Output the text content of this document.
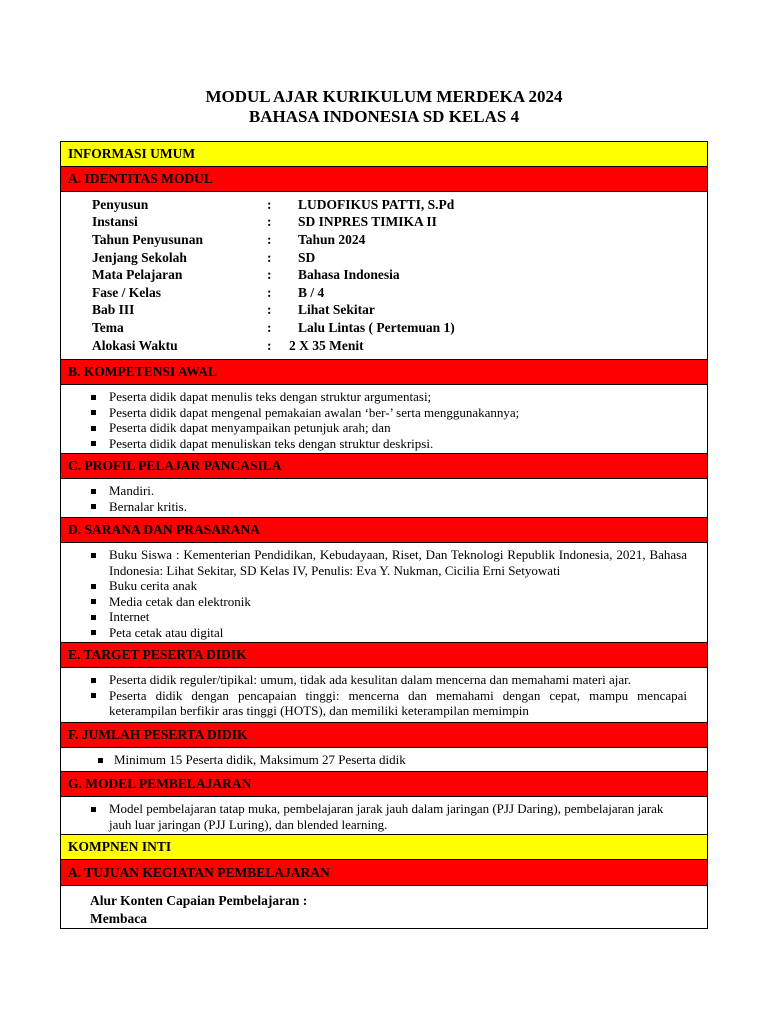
MODUL AJAR KURIKULUM MERDEKA 2024
BAHASA INDONESIA SD KELAS 4
INFORMASI UMUM
A. IDENTITAS MODUL
Penyusun	:	LUDOFIKUS PATTI, S.Pd
Instansi	:	SD INPRES TIMIKA II
Tahun Penyusunan	:	Tahun 2024
Jenjang Sekolah	:	SD
Mata Pelajaran	:	Bahasa Indonesia
Fase / Kelas	:	B / 4
Bab III	:	Lihat Sekitar
Tema	:	Lalu Lintas ( Pertemuan 1)
Alokasi Waktu	:	2 X 35 Menit
B. KOMPETENSI AWAL
Peserta didik dapat menulis teks dengan struktur argumentasi;
Peserta didik dapat mengenal pemakaian awalan ‘ber-’ serta menggunakannya;
Peserta didik dapat menyampaikan petunjuk arah; dan
Peserta didik dapat menuliskan teks dengan struktur deskripsi.
C. PROFIL PELAJAR PANCASILA
Mandiri.
Bernalar kritis.
D. SARANA DAN PRASARANA
Buku Siswa : Kementerian Pendidikan, Kebudayaan, Riset, Dan Teknologi Republik Indonesia, 2021, Bahasa Indonesia: Lihat Sekitar, SD Kelas IV, Penulis: Eva Y. Nukman, Cicilia Erni Setyowati
Buku cerita anak
Media cetak dan elektronik
Internet
Peta cetak atau digital
E. TARGET PESERTA DIDIK
Peserta didik reguler/tipikal: umum, tidak ada kesulitan dalam mencerna dan memahami materi ajar.
Peserta didik dengan pencapaian tinggi: mencerna dan memahami dengan cepat, mampu mencapai keterampilan berfikir aras tinggi (HOTS), dan memiliki keterampilan memimpin
F. JUMLAH PESERTA DIDIK
Minimum 15 Peserta didik, Maksimum 27 Peserta didik
G. MODEL PEMBELAJARAN
Model pembelajaran tatap muka, pembelajaran jarak jauh dalam jaringan (PJJ Daring), pembelajaran jarak jauh luar jaringan (PJJ Luring), dan blended learning.
KOMPNEN INTI
A. TUJUAN KEGIATAN PEMBELAJARAN
Alur Konten Capaian Pembelajaran :
Membaca
